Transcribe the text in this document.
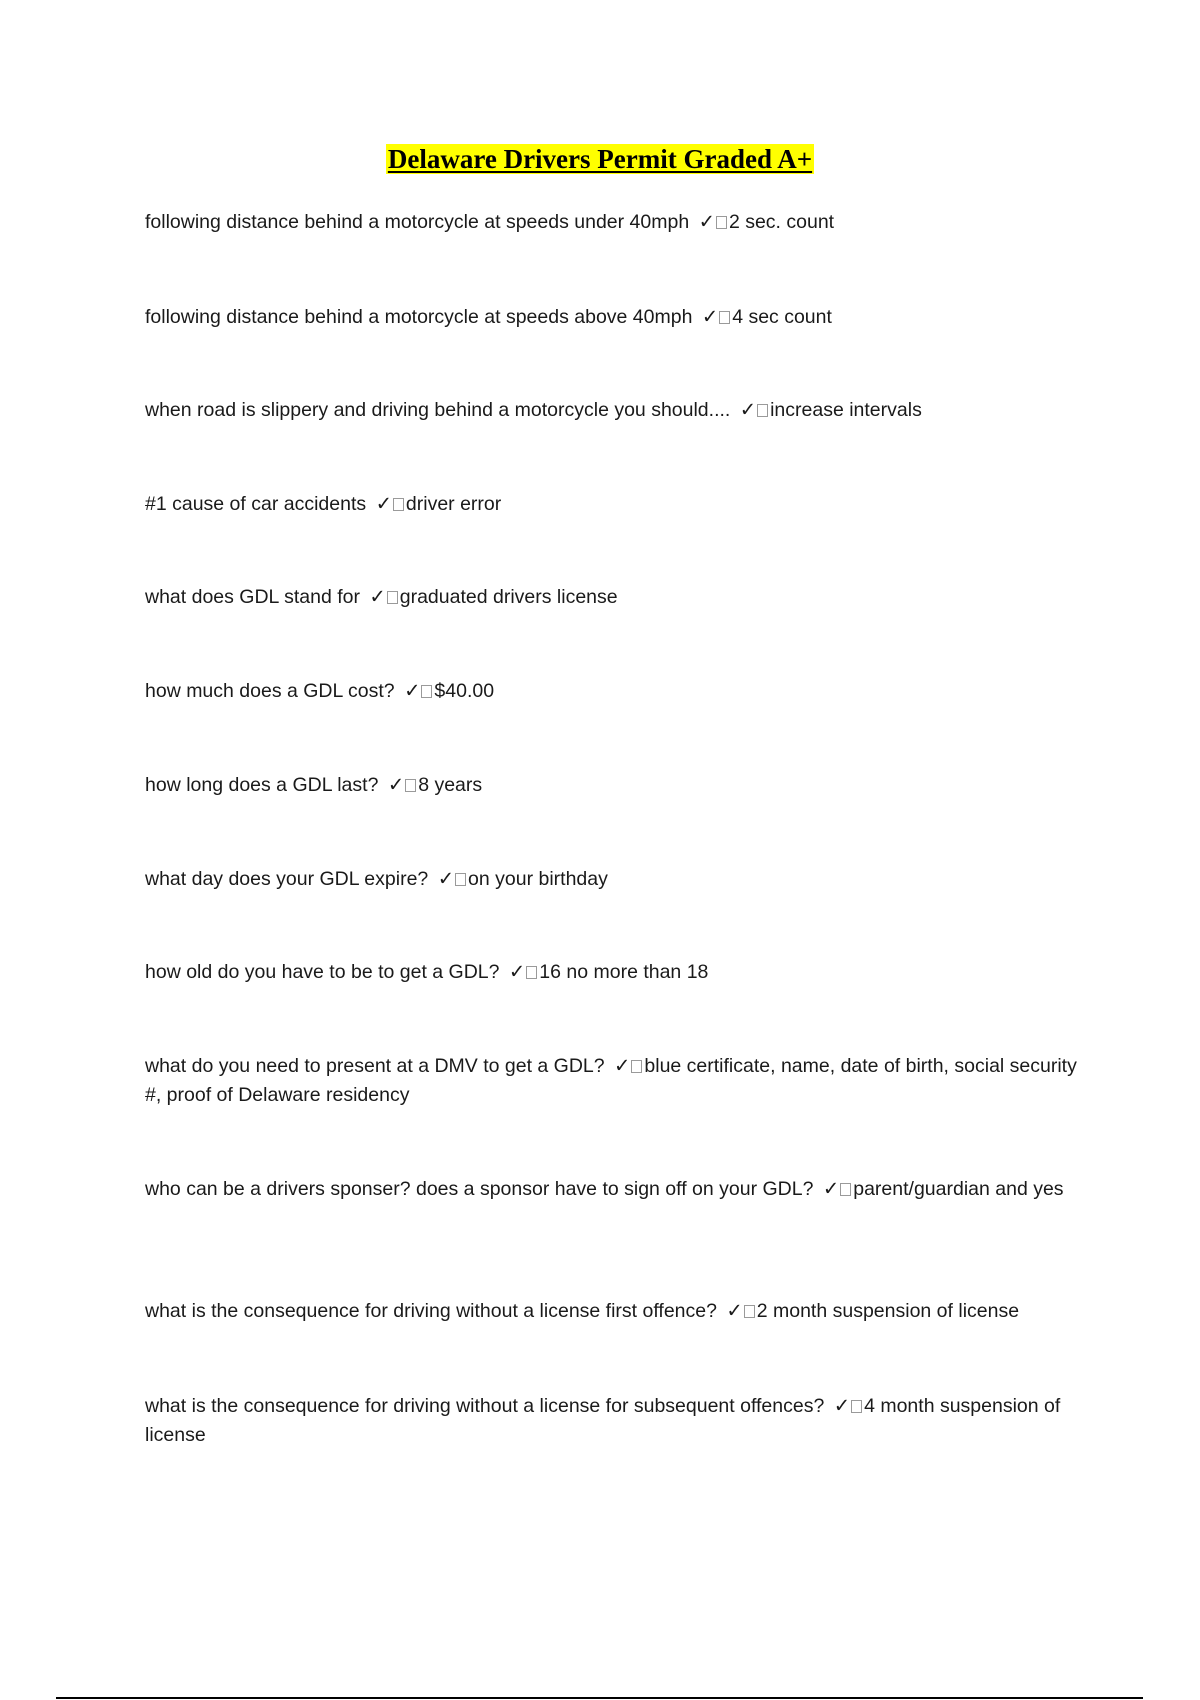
Delaware Drivers Permit Graded A+
following distance behind a motorcycle at speeds under 40mph ✓ 2 sec. count
following distance behind a motorcycle at speeds above 40mph ✓ 4 sec count
when road is slippery and driving behind a motorcycle you should.... ✓ increase intervals
#1 cause of car accidents ✓ driver error
what does GDL stand for ✓ graduated drivers license
how much does a GDL cost? ✓ $40.00
how long does a GDL last? ✓ 8 years
what day does your GDL expire? ✓ on your birthday
how old do you have to be to get a GDL? ✓ 16 no more than 18
what do you need to present at a DMV to get a GDL? ✓ blue certificate, name, date of birth, social security #, proof of Delaware residency
who can be a drivers sponser? does a sponsor have to sign off on your GDL? ✓ parent/guardian and yes
what is the consequence for driving without a license first offence? ✓ 2 month suspension of license
what is the consequence for driving without a license for subsequent offences? ✓ 4 month suspension of license
